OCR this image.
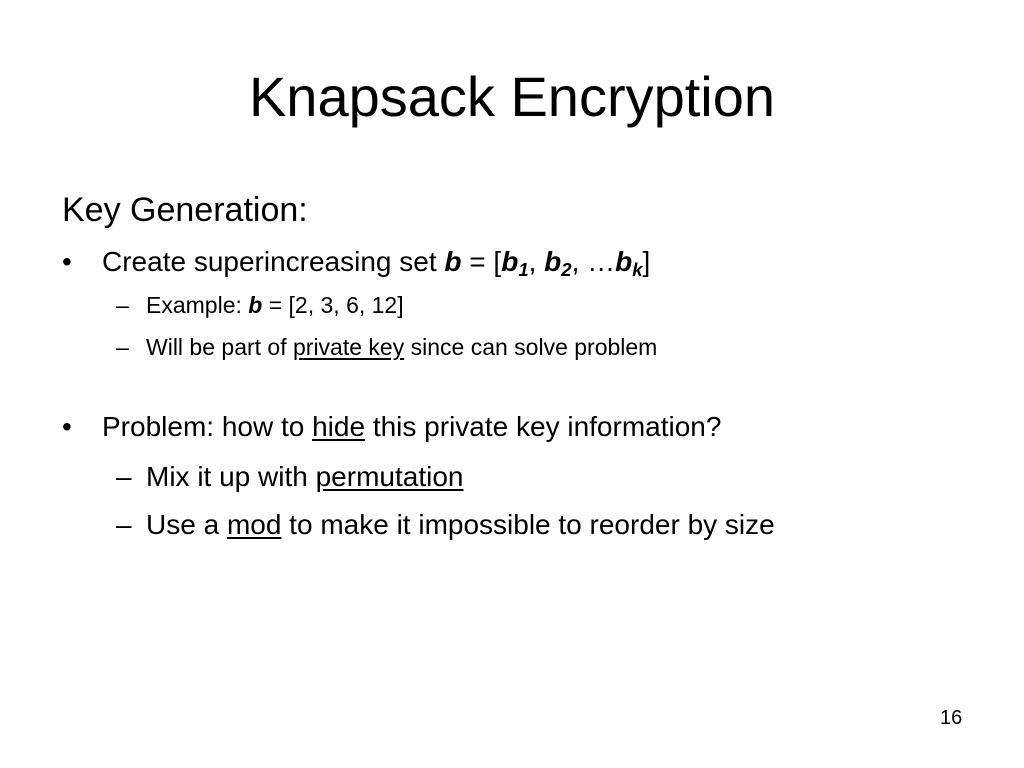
Knapsack Encryption
Key Generation:
•	Create superincreasing set $b = [b_1$, $b_2$, $\dots b_k$]
– Example: b = [2, 3, 6, 12]
– Will be part of private key since can solve problem
•	Problem: how to hide this private key information?
– Mix it up with permutation
– Use a mod to make it impossible to reorder by size
16
